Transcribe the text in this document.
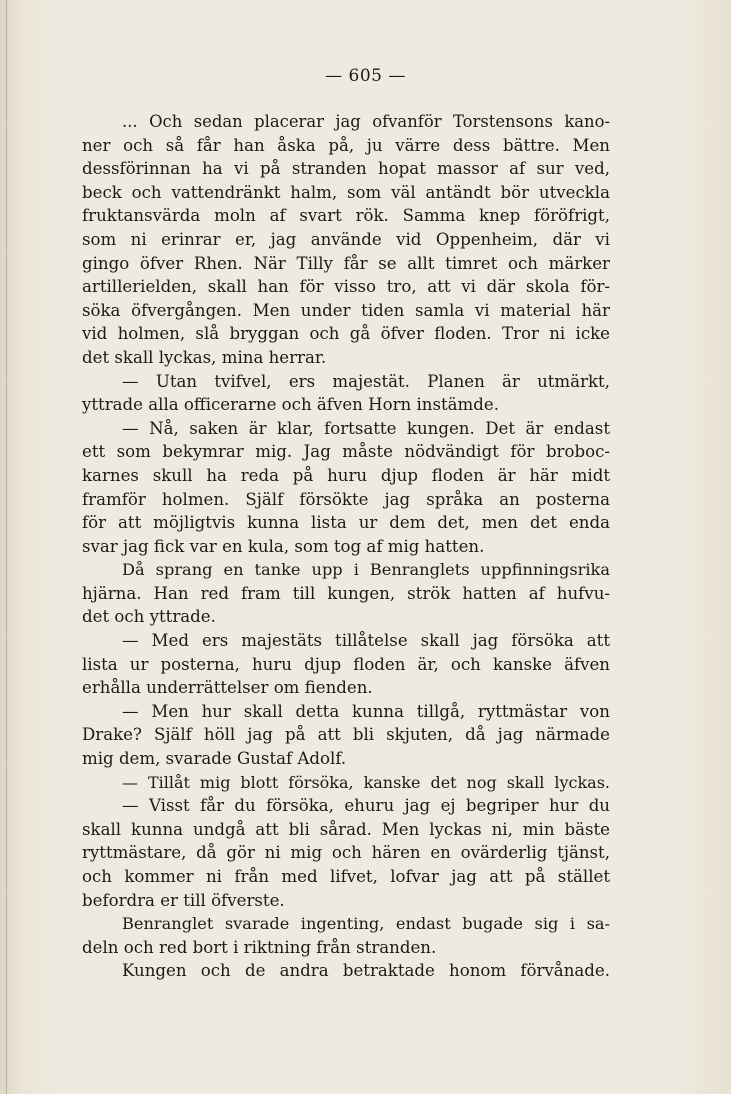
— 605 —
... Och sedan placerar jag ofvanför Torstensons kano-
ner och så får han åska på, ju värre dess bättre. Men
dessförinnan ha vi på stranden hopat massor af sur ved,
beck och vattendränkt halm, som väl antändt bör utveckla
fruktansvärda moln af svart rök. Samma knep föröfrigt,
som ni erinrar er, jag använde vid Oppenheim, där vi
gingo öfver Rhen. När Tilly får se allt timret och märker
artillerielden, skall han för visso tro, att vi där skola för-
söka öfvergången. Men under tiden samla vi material här
vid holmen, slå bryggan och gå öfver floden. Tror ni icke
det skall lyckas, mina herrar.
— Utan tvifvel, ers majestät. Planen är utmärkt,
yttrade alla officerarne och äfven Horn instämde.
— Nå, saken är klar, fortsatte kungen. Det är endast
ett som bekymrar mig. Jag måste nödvändigt för broboc-
karnes skull ha reda på huru djup floden är här midt
framför holmen. Själf försökte jag språka an posterna
för att möjligtvis kunna lista ur dem det, men det enda
svar jag fick var en kula, som tog af mig hatten.
Då sprang en tanke upp i Benranglets uppfinningsrika
hjärna. Han red fram till kungen, strök hatten af hufvu-
det och yttrade.
— Med ers majestäts tillåtelse skall jag försöka att
lista ur posterna, huru djup floden är, och kanske äfven
erhålla underrättelser om fienden.
— Men hur skall detta kunna tillgå, ryttmästar von
Drake? Själf höll jag på att bli skjuten, då jag närmade
mig dem, svarade Gustaf Adolf.
— Tillåt mig blott försöka, kanske det nog skall lyckas.
— Visst får du försöka, ehuru jag ej begriper hur du
skall kunna undgå att bli sårad. Men lyckas ni, min bäste
ryttmästare, då gör ni mig och hären en ovärderlig tjänst,
och kommer ni från med lifvet, lofvar jag att på stället
befordra er till öfverste.
Benranglet svarade ingenting, endast bugade sig i sa-
deln och red bort i riktning från stranden.
Kungen och de andra betraktade honom förvånade.
